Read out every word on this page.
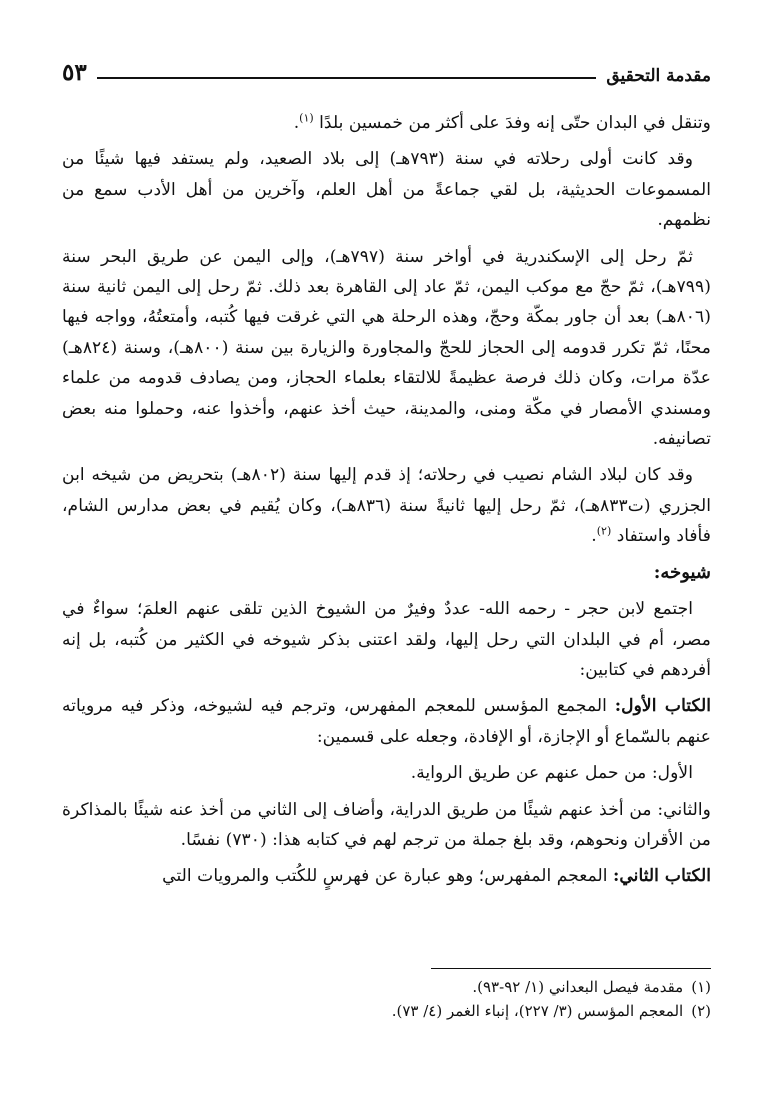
مقدمة التحقيق
٥٣

وتنقل في البدان حتّى إنه وفدَ على أكثر من خمسين بلدًا $^{(١)}$.

وقد كانت أولى رحلاته في سنة (٧٩٣هـ) إلى بلاد الصعيد، ولم يستفد فيها شيئًا من المسموعات الحديثية، بل لقي جماعةً من أهل العلم، وآخرين من أهل الأدب سمع من نظمهم.

ثمّ رحل إلى الإسكندرية في أواخر سنة (٧٩٧هـ)، وإلى اليمن عن طريق البحر سنة (٧٩٩هـ)، ثمّ حجّ مع موكب اليمن، ثمّ عاد إلى القاهرة بعد ذلك. ثمّ رحل إلى اليمن ثانية سنة (٨٠٦هـ) بعد أن جاور بمكّة وحجّ، وهذه الرحلة هي التي غرقت فيها كُتبه، وأمتعتُهُ، وواجه فيها محنًا، ثمّ تكرر قدومه إلى الحجاز للحجّ والمجاورة والزيارة بين سنة (٨٠٠هـ)، وسنة (٨٢٤هـ) عدّة مرات، وكان ذلك فرصة عظيمةً للالتقاء بعلماء الحجاز، ومن يصادف قدومه من علماء ومسندي الأمصار في مكّة ومنى، والمدينة، حيث أخذ عنهم، وأخذوا عنه، وحملوا منه بعض تصانيفه.

وقد كان لبلاد الشام نصيب في رحلاته؛ إذ قدم إليها سنة (٨٠٢هـ) بتحريض من شيخه ابن الجزري (ت٨٣٣هـ)، ثمّ رحل إليها ثانيةً سنة (٨٣٦هـ)، وكان يُقيم في بعض مدارس الشام، فأفاد واستفاد $^{(٢)}$.

شيوخه:

اجتمع لابن حجر - رحمه الله- عددٌ وفيرٌ من الشيوخ الذين تلقى عنهم العلمَ؛ سواءٌ في مصر، أم في البلدان التي رحل إليها، ولقد اعتنى بذكر شيوخه في الكثير من كُتبه، بل إنه أفردهم في كتابين:

الكتاب الأول: المجمع المؤسس للمعجم المفهرس، وترجم فيه لشيوخه، وذكر فيه مروياته عنهم بالسّماع أو الإجازة، أو الإفادة، وجعله على قسمين:

الأول: من حمل عنهم عن طريق الرواية.

والثاني: من أخذ عنهم شيئًا من طريق الدراية، وأضاف إلى الثاني من أخذ عنه شيئًا بالمذاكرة من الأقران ونحوهم، وقد بلغ جملة من ترجم لهم في كتابه هذا: (٧٣٠) نفسًا.

الكتاب الثاني: المعجم المفهرس؛ وهو عبارة عن فهرسٍ للكُتب والمرويات التي

(١)
مقدمة فيصل البعداني (١/ ٩٢-٩٣).
(٢)
المعجم المؤسس (٣/ ٢٢٧)، إنباء الغمر (٤/ ٧٣).
